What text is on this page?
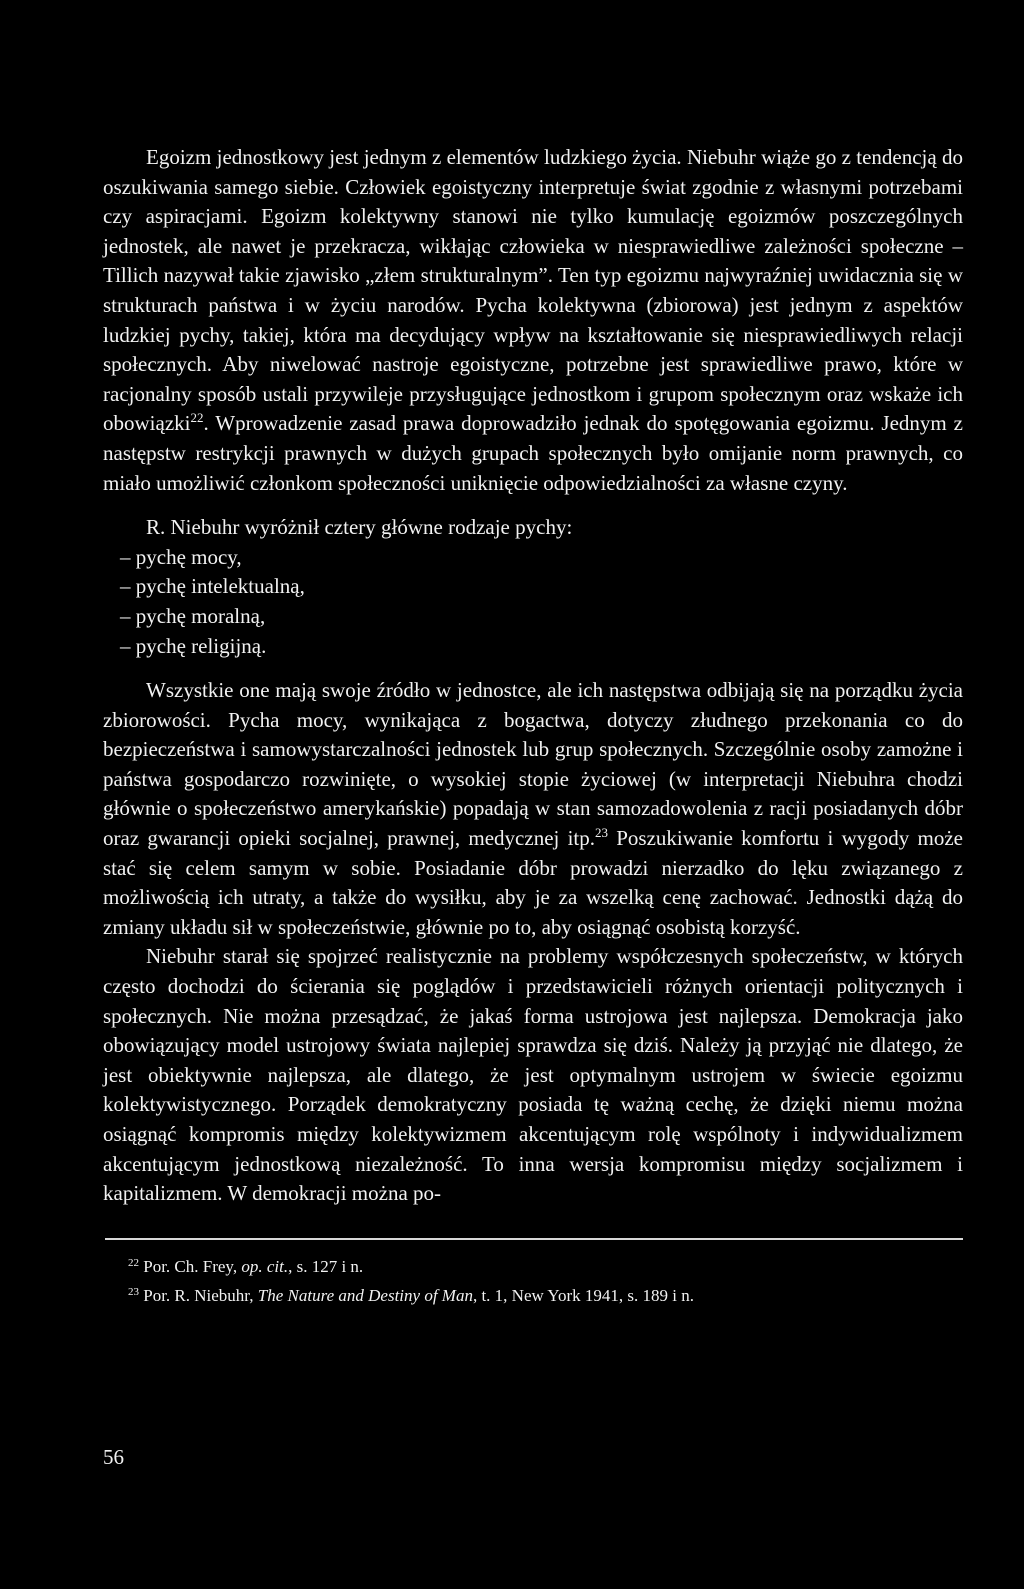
Egoizm jednostkowy jest jednym z elementów ludzkiego życia. Niebuhr wiąże go z tendencją do oszukiwania samego siebie. Człowiek egoistyczny interpretuje świat zgodnie z własnymi potrzebami czy aspiracjami. Egoizm kolektywny stanowi nie tylko kumulację egoizmów poszczególnych jednostek, ale nawet je przekracza, wikłając człowieka w niesprawiedliwe zależności społeczne – Tillich nazywał takie zjawisko „złem strukturalnym”. Ten typ egoizmu najwyraźniej uwidacznia się w strukturach państwa i w życiu narodów. Pycha kolektywna (zbiorowa) jest jednym z aspektów ludzkiej pychy, takiej, która ma decydujący wpływ na kształtowanie się niesprawiedliwych relacji społecznych. Aby niwelować nastroje egoistyczne, potrzebne jest sprawiedliwe prawo, które w racjonalny sposób ustali przywileje przysługujące jednostkom i grupom społecznym oraz wskaże ich obowiązki$^{22}$. Wprowadzenie zasad prawa doprowadziło jednak do spotęgowania egoizmu. Jednym z następstw restrykcji prawnych w dużych grupach społecznych było omijanie norm prawnych, co miało umożliwić członkom społeczności uniknięcie odpowiedzialności za własne czyny.

R. Niebuhr wyróżnił cztery główne rodzaje pychy:

– pychę mocy,
– pychę intelektualną,
– pychę moralną,
– pychę religijną.

Wszystkie one mają swoje źródło w jednostce, ale ich następstwa odbijają się na porządku życia zbiorowości. Pycha mocy, wynikająca z bogactwa, dotyczy złudnego przekonania co do bezpieczeństwa i samowystarczalności jednostek lub grup społecznych. Szczególnie osoby zamożne i państwa gospodarczo rozwinięte, o wysokiej stopie życiowej (w interpretacji Niebuhra chodzi głównie o społeczeństwo amerykańskie) popadają w stan samozadowolenia z racji posiadanych dóbr oraz gwarancji opieki socjalnej, prawnej, medycznej itp.$^{23}$ Poszukiwanie komfortu i wygody może stać się celem samym w sobie. Posiadanie dóbr prowadzi nierzadko do lęku związanego z możliwością ich utraty, a także do wysiłku, aby je za wszelką cenę zachować. Jednostki dążą do zmiany układu sił w społeczeństwie, głównie po to, aby osiągnąć osobistą korzyść.

Niebuhr starał się spojrzeć realistycznie na problemy współczesnych społeczeństw, w których często dochodzi do ścierania się poglądów i przedstawicieli różnych orientacji politycznych i społecznych. Nie można przesądzać, że jakaś forma ustrojowa jest najlepsza. Demokracja jako obowiązujący model ustrojowy świata najlepiej sprawdza się dziś. Należy ją przyjąć nie dlatego, że jest obiektywnie najlepsza, ale dlatego, że jest optymalnym ustrojem w świecie egoizmu kolektywistycznego. Porządek demokratyczny posiada tę ważną cechę, że dzięki niemu można osiągnąć kompromis między kolektywizmem akcentującym rolę wspólnoty i indywidualizmem akcentującym jednostkową niezależność. To inna wersja kompromisu między socjalizmem i kapitalizmem. W demokracji można po-

$^{22}$ Por. Ch. Frey, op. cit., s. 127 i n.
$^{23}$ Por. R. Niebuhr, The Nature and Destiny of Man, t. 1, New York 1941, s. 189 i n.
56
